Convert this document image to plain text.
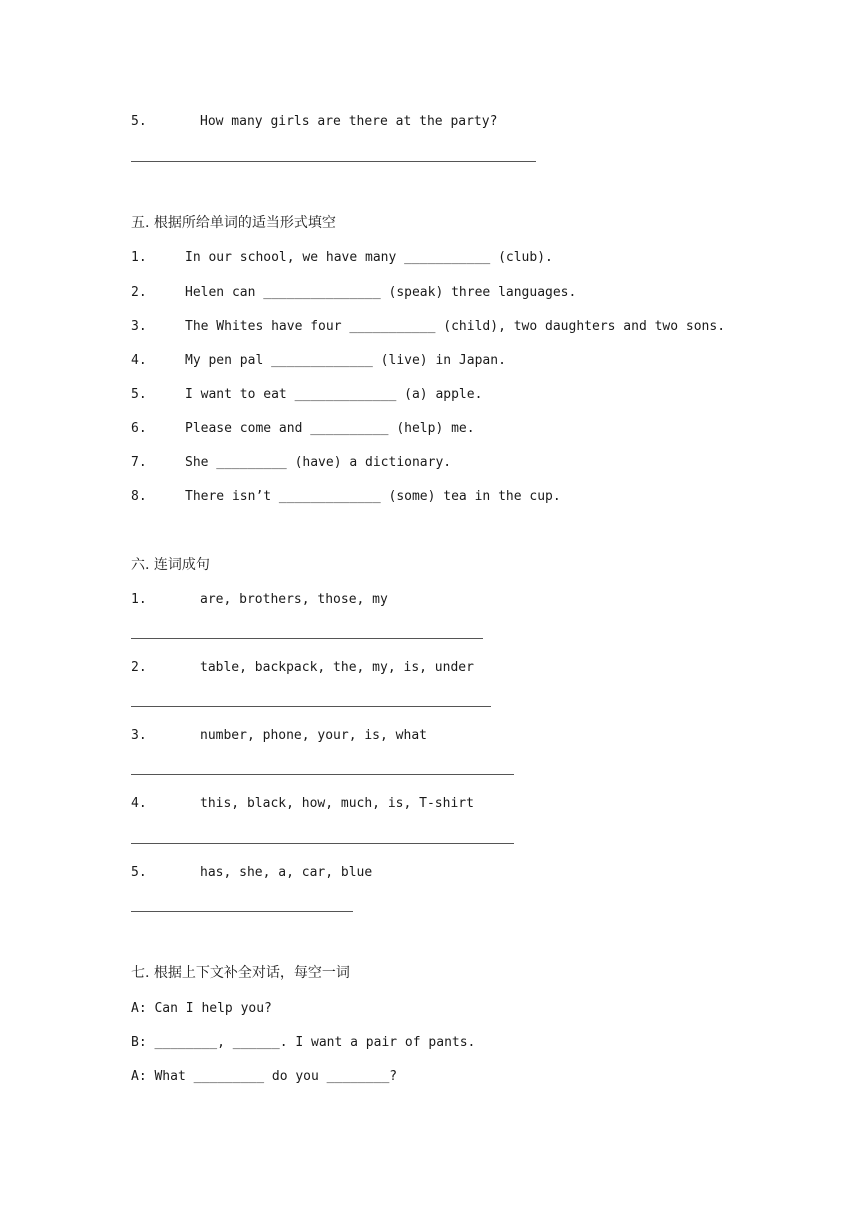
5.	How many girls are there at the party?
五. 根据所给单词的适当形式填空
1.	In our school, we have many ___________ (club).
2.	Helen can _______________ (speak) three languages.
3.	The Whites have four ___________ (child), two daughters and two sons.
4.	My pen pal _____________ (live) in Japan.
5.	I want to eat _____________ (a) apple.
6.	Please come and __________ (help) me.
7.	She _________ (have) a dictionary.
8.	There isn’t _____________ (some) tea in the cup.
六. 连词成句
1.	are, brothers, those, my
2.	table, backpack, the, my, is, under
3.	number, phone, your, is, what
4.	this, black, how, much, is, T-shirt
5.	has, she, a, car, blue
七. 根据上下文补全对话，每空一词
A: Can I help you?
B: ________, ______. I want a pair of pants.
A: What _________ do you ________?
